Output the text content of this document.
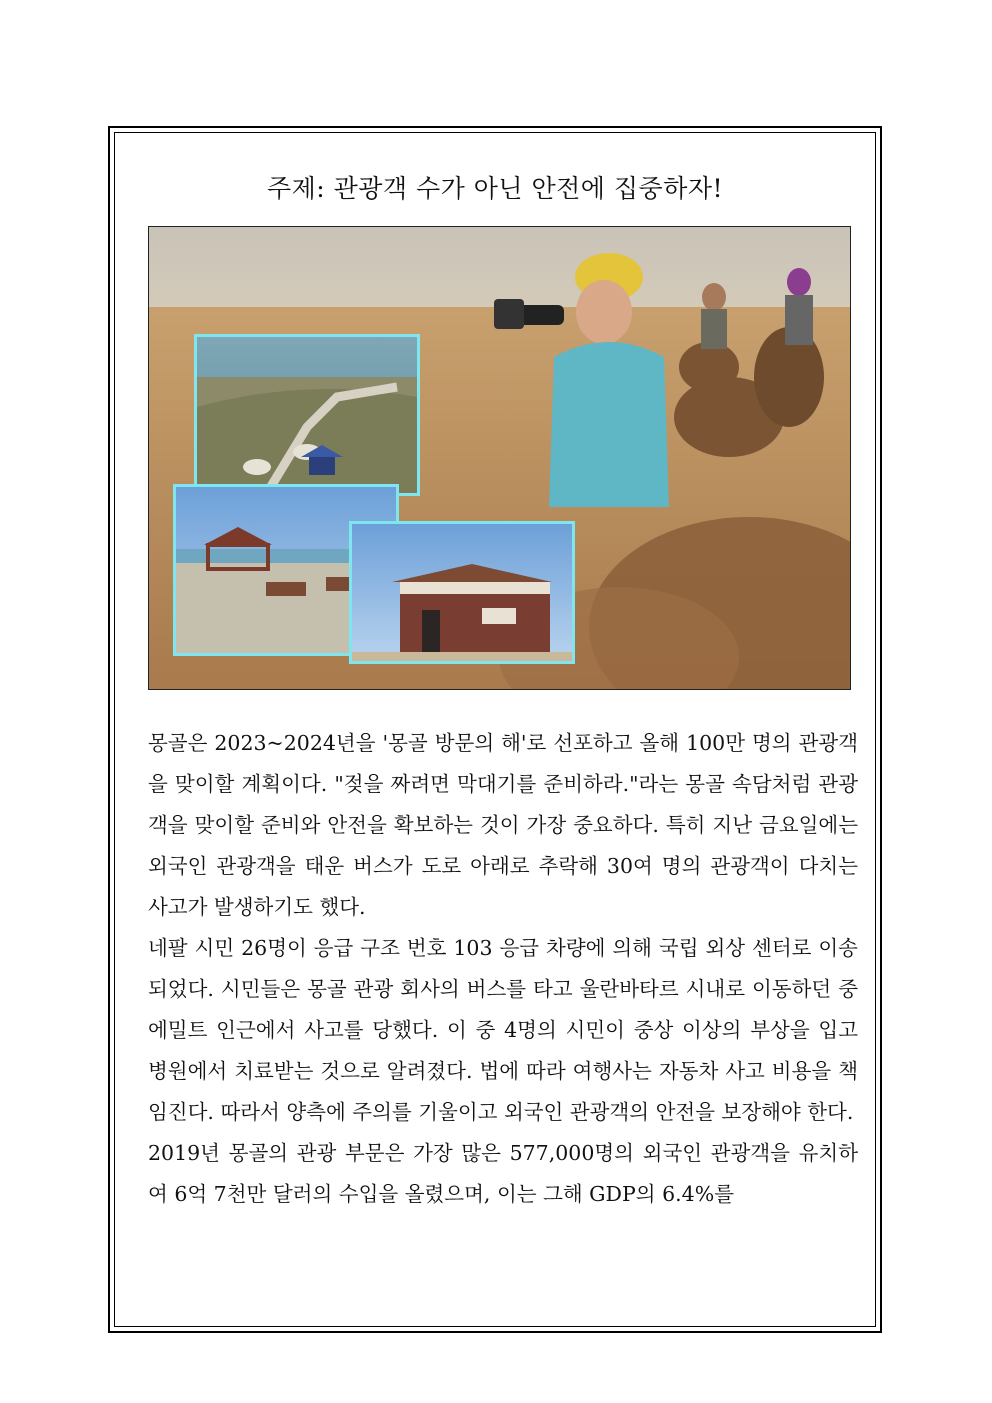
주제: 관광객 수가 아닌 안전에 집중하자!

몽골은 2023~2024년을 '몽골 방문의 해'로 선포하고 올해 100만 명의 관광객을 맞이할 계획이다. "젖을 짜려면 막대기를 준비하라."라는 몽골 속담처럼 관광객을 맞이할 준비와 안전을 확보하는 것이 가장 중요하다. 특히 지난 금요일에는 외국인 관광객을 태운 버스가 도로 아래로 추락해 30여 명의 관광객이 다치는 사고가 발생하기도 했다.

네팔 시민 26명이 응급 구조 번호 103 응급 차량에 의해 국립 외상 센터로 이송되었다. 시민들은 몽골 관광 회사의 버스를 타고 울란바타르 시내로 이동하던 중 에밀트 인근에서 사고를 당했다. 이 중 4명의 시민이 중상 이상의 부상을 입고 병원에서 치료받는 것으로 알려졌다. 법에 따라 여행사는 자동차 사고 비용을 책임진다. 따라서 양측에 주의를 기울이고 외국인 관광객의 안전을 보장해야 한다.

2019년 몽골의 관광 부문은 가장 많은 577,000명의 외국인 관광객을 유치하여 6억 7천만 달러의 수입을 올렸으며, 이는 그해 GDP의 6.4%를
